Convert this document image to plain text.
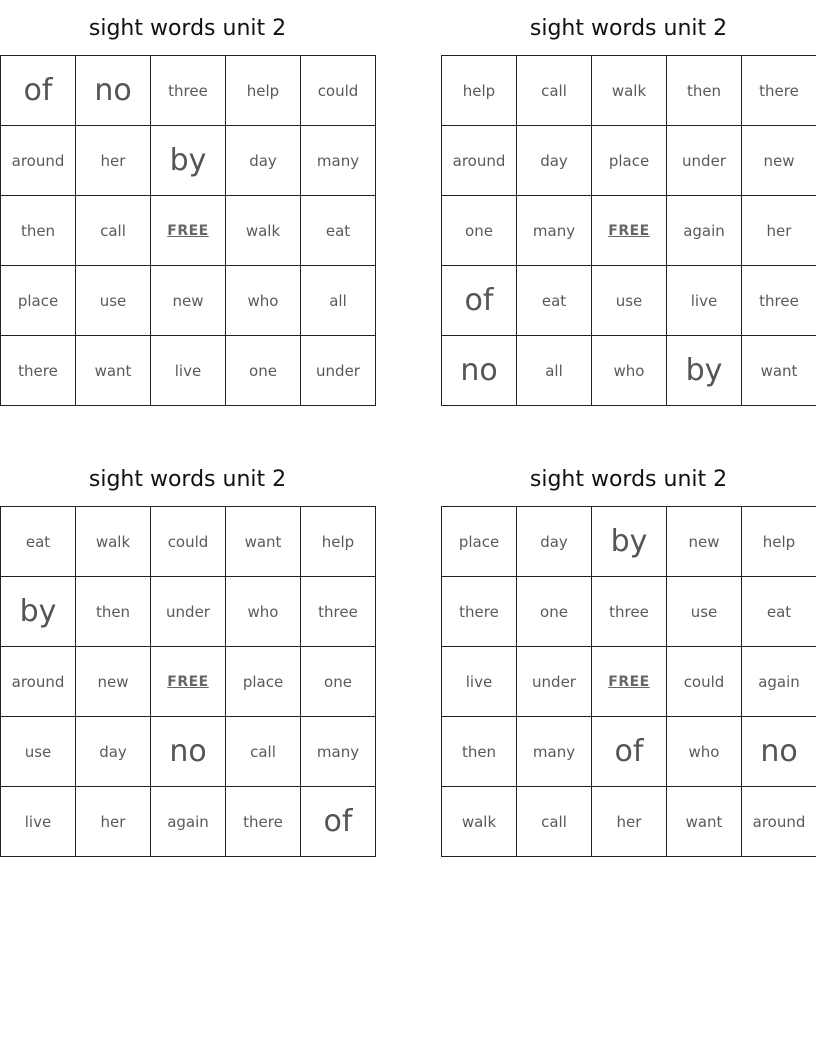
sight words unit 2
of	no	three	help	could
around	her	by	day	many
then	call	FREE	walk	eat
place	use	new	who	all
there	want	live	one	under
sight words unit 2
help	call	walk	then	there
around	day	place	under	new
one	many	FREE	again	her
of	eat	use	live	three
no	all	who	by	want
sight words unit 2
eat	walk	could	want	help
by	then	under	who	three
around	new	FREE	place	one
use	day	no	call	many
live	her	again	there	of
sight words unit 2
place	day	by	new	help
there	one	three	use	eat
live	under	FREE	could	again
then	many	of	who	no
walk	call	her	want	around
